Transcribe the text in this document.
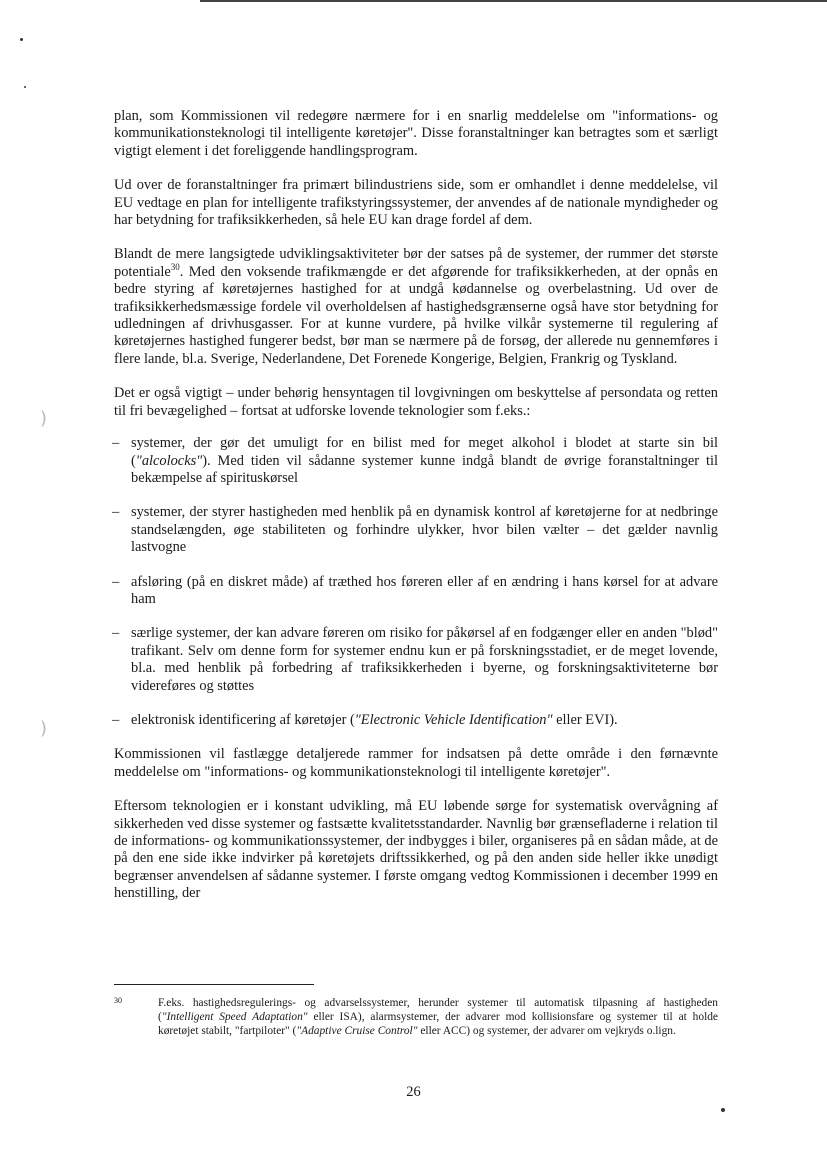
)
)

plan, som Kommissionen vil redegøre nærmere for i en snarlig meddelelse om "informations- og kommunikationsteknologi til intelligente køretøjer". Disse foranstaltninger kan betragtes som et særligt vigtigt element i det foreliggende handlingsprogram.

Ud over de foranstaltninger fra primært bilindustriens side, som er omhandlet i denne meddelelse, vil EU vedtage en plan for intelligente trafikstyringssystemer, der anvendes af de nationale myndigheder og har betydning for trafiksikkerheden, så hele EU kan drage fordel af dem.

Blandt de mere langsigtede udviklingsaktiviteter bør der satses på de systemer, der rummer det største potentiale$^{30}$. Med den voksende trafikmængde er det afgørende for trafiksikkerheden, at der opnås en bedre styring af køretøjernes hastighed for at undgå kødannelse og overbelastning. Ud over de trafiksikkerhedsmæssige fordele vil overholdelsen af hastighedsgrænserne også have stor betydning for udledningen af drivhusgasser. For at kunne vurdere, på hvilke vilkår systemerne til regulering af køretøjernes hastighed fungerer bedst, bør man se nærmere på de forsøg, der allerede nu gennemføres i flere lande, bl.a. Sverige, Nederlandene, Det Forenede Kongerige, Belgien, Frankrig og Tyskland.

Det er også vigtigt – under behørig hensyntagen til lovgivningen om beskyttelse af persondata og retten til fri bevægelighed – fortsat at udforske lovende teknologier som f.eks.:

– systemer, der gør det umuligt for en bilist med for meget alkohol i blodet at starte sin bil ("alcolocks"). Med tiden vil sådanne systemer kunne indgå blandt de øvrige foranstaltninger til bekæmpelse af spirituskørsel
– systemer, der styrer hastigheden med henblik på en dynamisk kontrol af køretøjerne for at nedbringe standselængden, øge stabiliteten og forhindre ulykker, hvor bilen vælter – det gælder navnlig lastvogne
– afsløring (på en diskret måde) af træthed hos føreren eller af en ændring i hans kørsel for at advare ham
– særlige systemer, der kan advare føreren om risiko for påkørsel af en fodgænger eller en anden "blød" trafikant. Selv om denne form for systemer endnu kun er på forskningsstadiet, er de meget lovende, bl.a. med henblik på forbedring af trafiksikkerheden i byerne, og forskningsaktiviteterne bør videreføres og støttes
– elektronisk identificering af køretøjer ("Electronic Vehicle Identification" eller EVI).

Kommissionen vil fastlægge detaljerede rammer for indsatsen på dette område i den førnævnte meddelelse om "informations- og kommunikationsteknologi til intelligente køretøjer".

Eftersom teknologien er i konstant udvikling, må EU løbende sørge for systematisk overvågning af sikkerheden ved disse systemer og fastsætte kvalitetsstandarder. Navnlig bør grænsefladerne i relation til de informations- og kommunikationssystemer, der indbygges i biler, organiseres på en sådan måde, at de på den ene side ikke indvirker på køretøjets driftssikkerhed, og på den anden side heller ikke unødigt begrænser anvendelsen af sådanne systemer. I første omgang vedtog Kommissionen i december 1999 en henstilling, der

30	F.eks. hastighedsregulerings- og advarselssystemer, herunder systemer til automatisk tilpasning af hastigheden ("Intelligent Speed Adaptation" eller ISA), alarmsystemer, der advarer mod kollisionsfare og systemer til at holde køretøjet stabilt, "fartpiloter" ("Adaptive Cruise Control" eller ACC) og systemer, der advarer om vejkryds o.lign.
26
